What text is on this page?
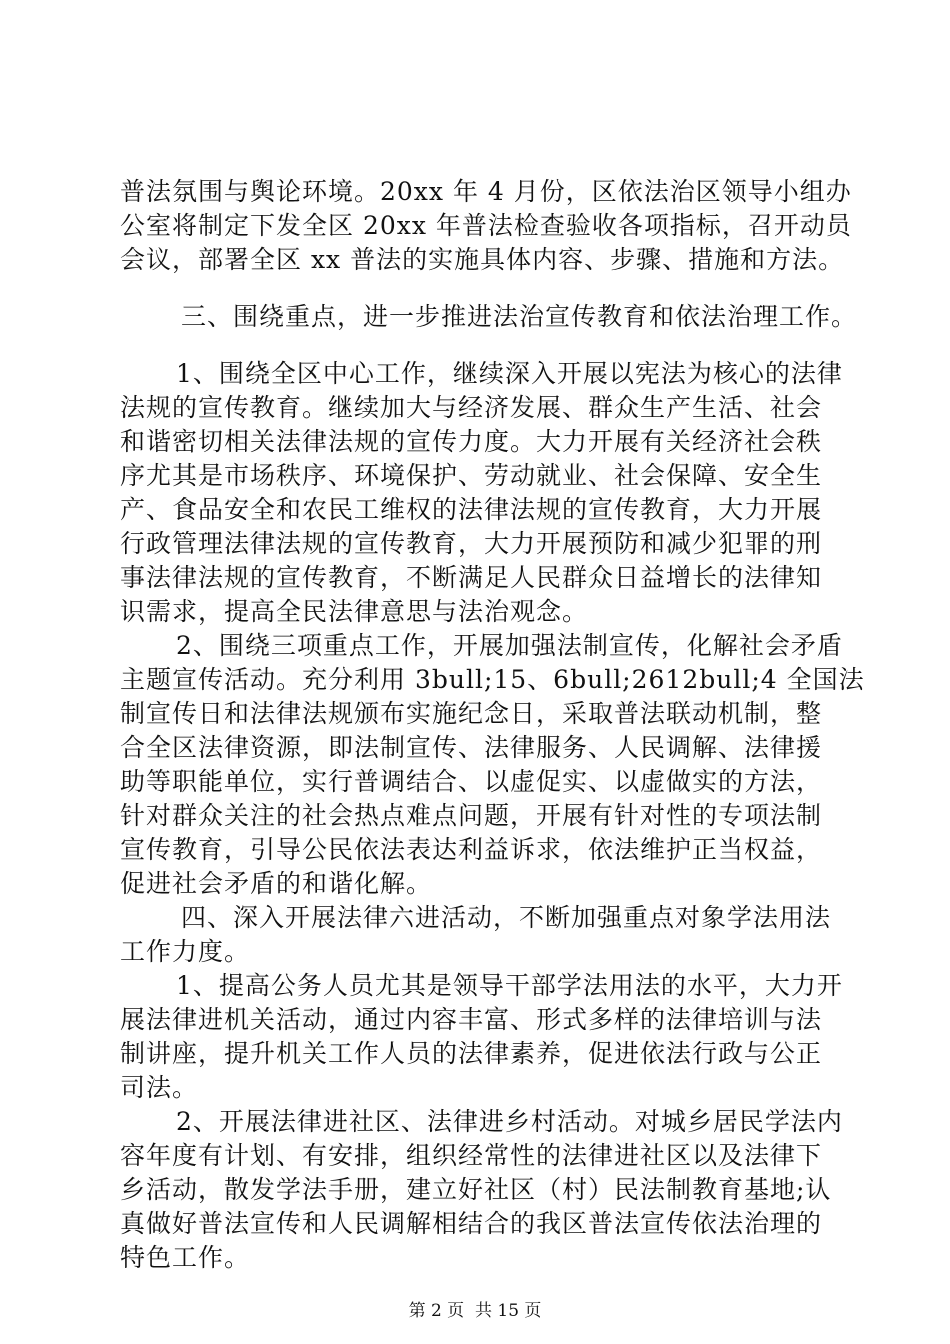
普法氛围与舆论环境。20xx 年 4 月份，区依法治区领导小组办

公室将制定下发全区 20xx 年普法检查验收各项指标，召开动员

会议，部署全区 xx 普法的实施具体内容、步骤、措施和方法。

三、围绕重点，进一步推进法治宣传教育和依法治理工作。

1、围绕全区中心工作，继续深入开展以宪法为核心的法律

法规的宣传教育。继续加大与经济发展、群众生产生活、社会

和谐密切相关法律法规的宣传力度。大力开展有关经济社会秩

序尤其是市场秩序、环境保护、劳动就业、社会保障、安全生

产、食品安全和农民工维权的法律法规的宣传教育，大力开展

行政管理法律法规的宣传教育，大力开展预防和减少犯罪的刑

事法律法规的宣传教育，不断满足人民群众日益增长的法律知

识需求，提高全民法律意思与法治观念。

2、围绕三项重点工作，开展加强法制宣传，化解社会矛盾

主题宣传活动。充分利用 3bull;15、6bull;2612bull;4 全国法

制宣传日和法律法规颁布实施纪念日，采取普法联动机制，整

合全区法律资源，即法制宣传、法律服务、人民调解、法律援

助等职能单位，实行普调结合、以虚促实、以虚做实的方法，

针对群众关注的社会热点难点问题，开展有针对性的专项法制

宣传教育，引导公民依法表达利益诉求，依法维护正当权益，

促进社会矛盾的和谐化解。

四、深入开展法律六进活动，不断加强重点对象学法用法

工作力度。

1、提高公务人员尤其是领导干部学法用法的水平，大力开

展法律进机关活动，通过内容丰富、形式多样的法律培训与法

制讲座，提升机关工作人员的法律素养，促进依法行政与公正

司法。

2、开展法律进社区、法律进乡村活动。对城乡居民学法内

容年度有计划、有安排，组织经常性的法律进社区以及法律下

乡活动，散发学法手册，建立好社区（村）民法制教育基地;认

真做好普法宣传和人民调解相结合的我区普法宣传依法治理的

特色工作。

第 2 页  共 15 页
